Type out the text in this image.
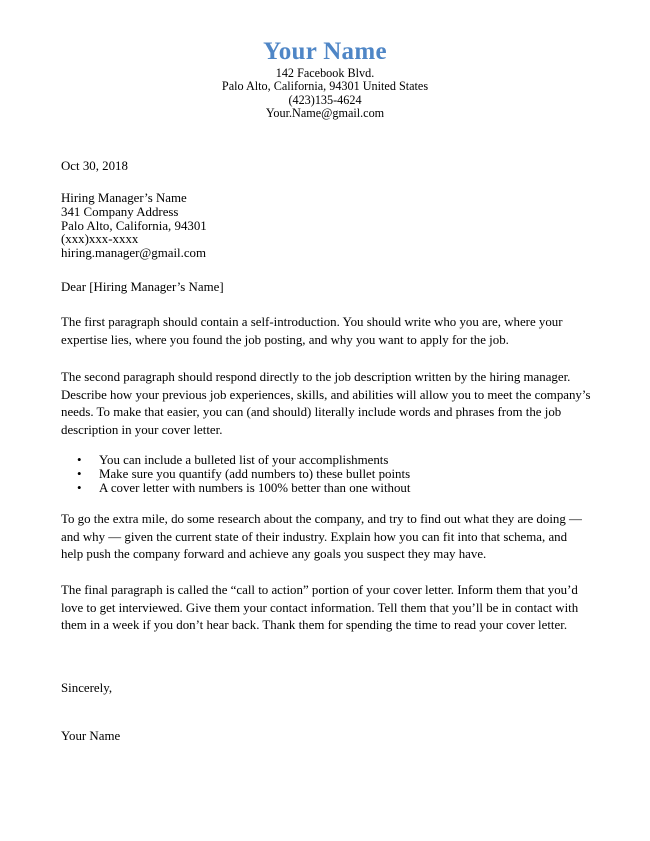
Your Name
142 Facebook Blvd.
Palo Alto, California, 94301 United States
(423)135-4624
Your.Name@gmail.com
Oct 30, 2018
Hiring Manager’s Name
341 Company Address
Palo Alto, California, 94301
(xxx)xxx-xxxx
hiring.manager@gmail.com
Dear [Hiring Manager’s Name]
The first paragraph should contain a self-introduction. You should write who you are, where your expertise lies, where you found the job posting, and why you want to apply for the job.
The second paragraph should respond directly to the job description written by the hiring manager. Describe how your previous job experiences, skills, and abilities will allow you to meet the company’s needs. To make that easier, you can (and should) literally include words and phrases from the job description in your cover letter.
• You can include a bulleted list of your accomplishments
• Make sure you quantify (add numbers to) these bullet points
• A cover letter with numbers is 100% better than one without
To go the extra mile, do some research about the company, and try to find out what they are doing — and why — given the current state of their industry. Explain how you can fit into that schema, and help push the company forward and achieve any goals you suspect they may have.
The final paragraph is called the “call to action” portion of your cover letter. Inform them that you’d love to get interviewed. Give them your contact information. Tell them that you’ll be in contact with them in a week if you don’t hear back. Thank them for spending the time to read your cover letter.
Sincerely,
Your Name
